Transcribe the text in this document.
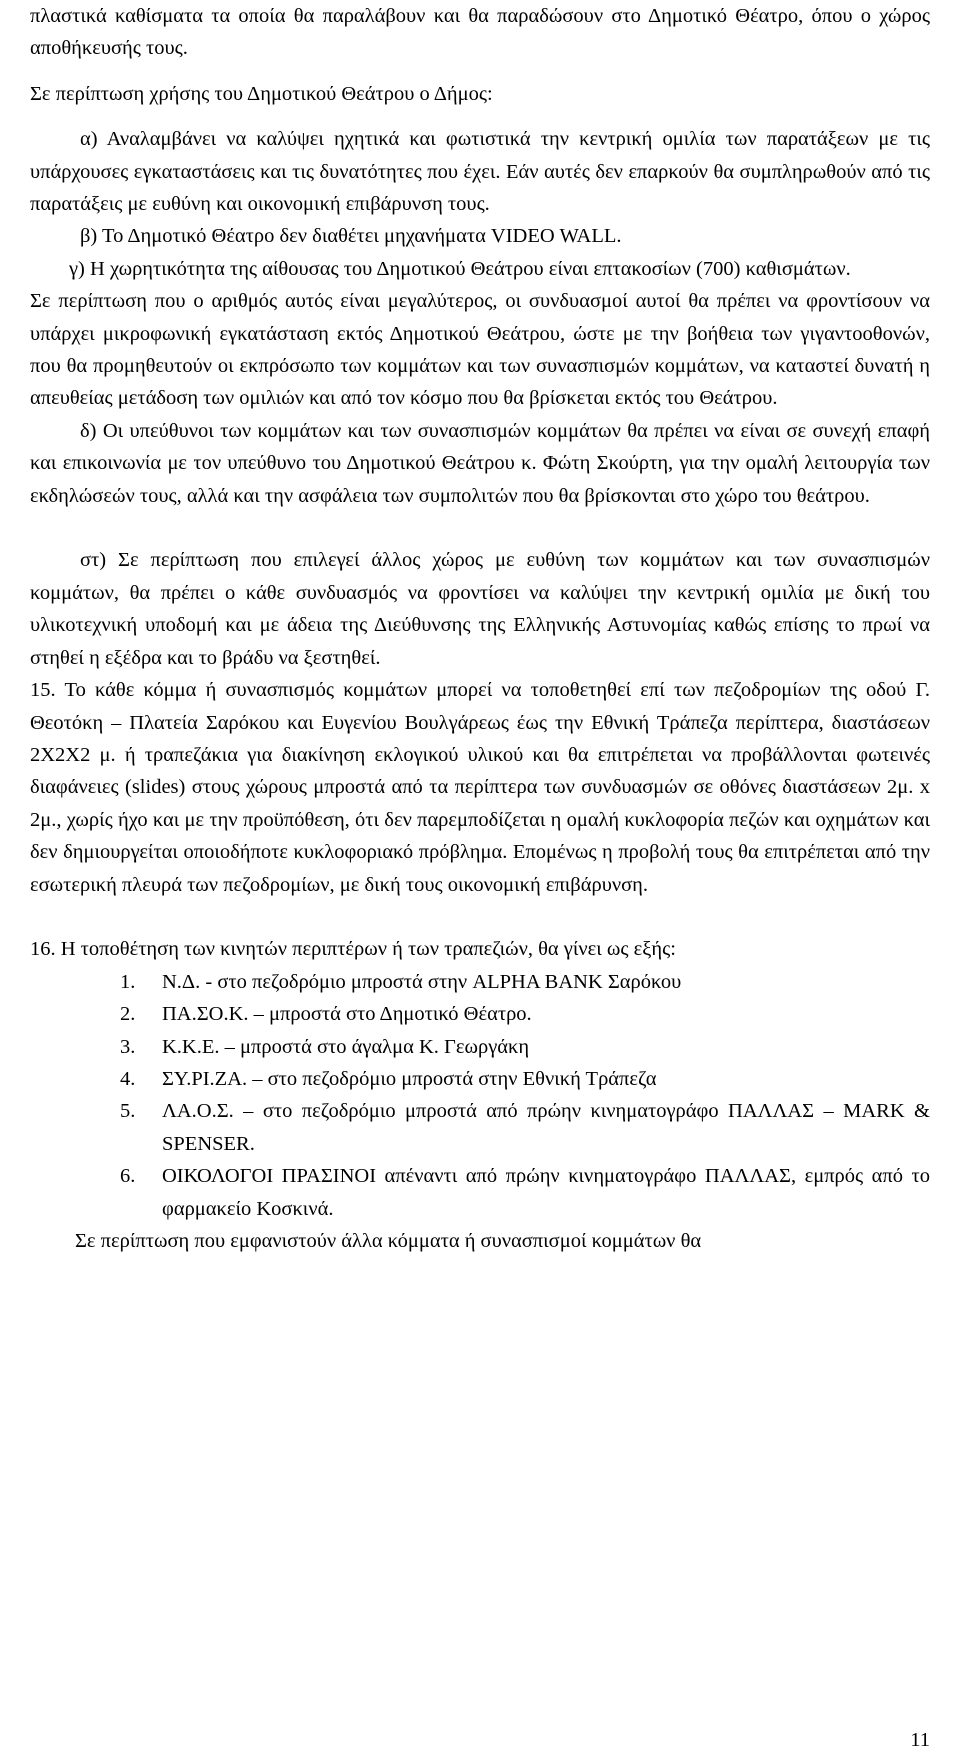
πλαστικά καθίσματα τα οποία θα παραλάβουν και θα παραδώσουν στο Δημοτικό Θέατρο, όπου ο χώρος αποθήκευσής τους.

Σε περίπτωση χρήσης του Δημοτικού Θεάτρου ο Δήμος:

α) Αναλαμβάνει να καλύψει ηχητικά και φωτιστικά την κεντρική ομιλία των παρατάξεων με τις υπάρχουσες εγκαταστάσεις και τις δυνατότητες που έχει. Εάν αυτές δεν επαρκούν θα συμπληρωθούν από τις παρατάξεις με ευθύνη και οικονομική επιβάρυνση τους.

β) Το Δημοτικό Θέατρο δεν διαθέτει μηχανήματα VIDEO WALL.

γ) Η χωρητικότητα της αίθουσας του Δημοτικού Θεάτρου είναι επτακοσίων (700) καθισμάτων.

Σε περίπτωση που ο αριθμός αυτός είναι μεγαλύτερος, οι συνδυασμοί αυτοί θα πρέπει να φροντίσουν να υπάρχει μικροφωνική εγκατάσταση εκτός Δημοτικού Θεάτρου, ώστε με την βοήθεια των γιγαντοοθονών, που θα προμηθευτούν οι εκπρόσωπο των κομμάτων και των συνασπισμών κομμάτων, να καταστεί δυνατή η απευθείας μετάδοση των ομιλιών και από τον κόσμο που θα βρίσκεται εκτός του Θεάτρου.

δ) Οι υπεύθυνοι των κομμάτων και των συνασπισμών κομμάτων θα πρέπει να είναι σε συνεχή επαφή και επικοινωνία με τον υπεύθυνο του Δημοτικού Θεάτρου κ. Φώτη Σκούρτη, για την ομαλή λειτουργία των εκδηλώσεών τους, αλλά και την ασφάλεια των συμπολιτών που θα βρίσκονται στο χώρο του θεάτρου.

στ) Σε περίπτωση που επιλεγεί άλλος χώρος με ευθύνη των κομμάτων και των συνασπισμών κομμάτων, θα πρέπει ο κάθε συνδυασμός να φροντίσει να καλύψει την κεντρική ομιλία με δική του υλικοτεχνική υποδομή και με άδεια της Διεύθυνσης της Ελληνικής Αστυνομίας καθώς επίσης το πρωί να στηθεί η εξέδρα και το βράδυ να ξεστηθεί.

15. Το κάθε κόμμα ή συνασπισμός κομμάτων μπορεί να τοποθετηθεί επί των πεζοδρομίων της οδού Γ. Θεοτόκη – Πλατεία Σαρόκου και Ευγενίου Βουλγάρεως έως την Εθνική Τράπεζα περίπτερα, διαστάσεων 2Χ2Χ2 μ. ή τραπεζάκια για διακίνηση εκλογικού υλικού και θα επιτρέπεται να προβάλλονται φωτεινές διαφάνειες (slides) στους χώρους μπροστά από τα περίπτερα των συνδυασμών σε οθόνες διαστάσεων 2μ. x 2μ., χωρίς ήχο και με την προϋπόθεση, ότι δεν παρεμποδίζεται η ομαλή κυκλοφορία πεζών και οχημάτων και δεν δημιουργείται οποιοδήποτε κυκλοφοριακό πρόβλημα. Επομένως η προβολή τους θα επιτρέπεται από την εσωτερική πλευρά των πεζοδρομίων, με δική τους οικονομική επιβάρυνση.

16. Η τοποθέτηση των κινητών περιπτέρων ή των τραπεζιών, θα γίνει ως εξής:

1. Ν.Δ. - στο πεζοδρόμιο μπροστά στην ALPHA BANK Σαρόκου
2. ΠΑ.ΣΟ.Κ. – μπροστά στο Δημοτικό Θέατρο.
3. Κ.Κ.Ε. – μπροστά στο άγαλμα Κ. Γεωργάκη
4. ΣΥ.ΡΙ.ΖΑ. – στο πεζοδρόμιο μπροστά στην Εθνική Τράπεζα
5. ΛΑ.Ο.Σ. – στο πεζοδρόμιο μπροστά από πρώην κινηματογράφο ΠΑΛΛΑΣ – MARK & SPENSER.
6. ΟΙΚΟΛΟΓΟΙ ΠΡΑΣΙΝΟΙ απέναντι από πρώην κινηματογράφο ΠΑΛΛΑΣ, εμπρός από το φαρμακείο Κοσκινά.

Σε περίπτωση που εμφανιστούν άλλα κόμματα ή συνασπισμοί κομμάτων θα

11
